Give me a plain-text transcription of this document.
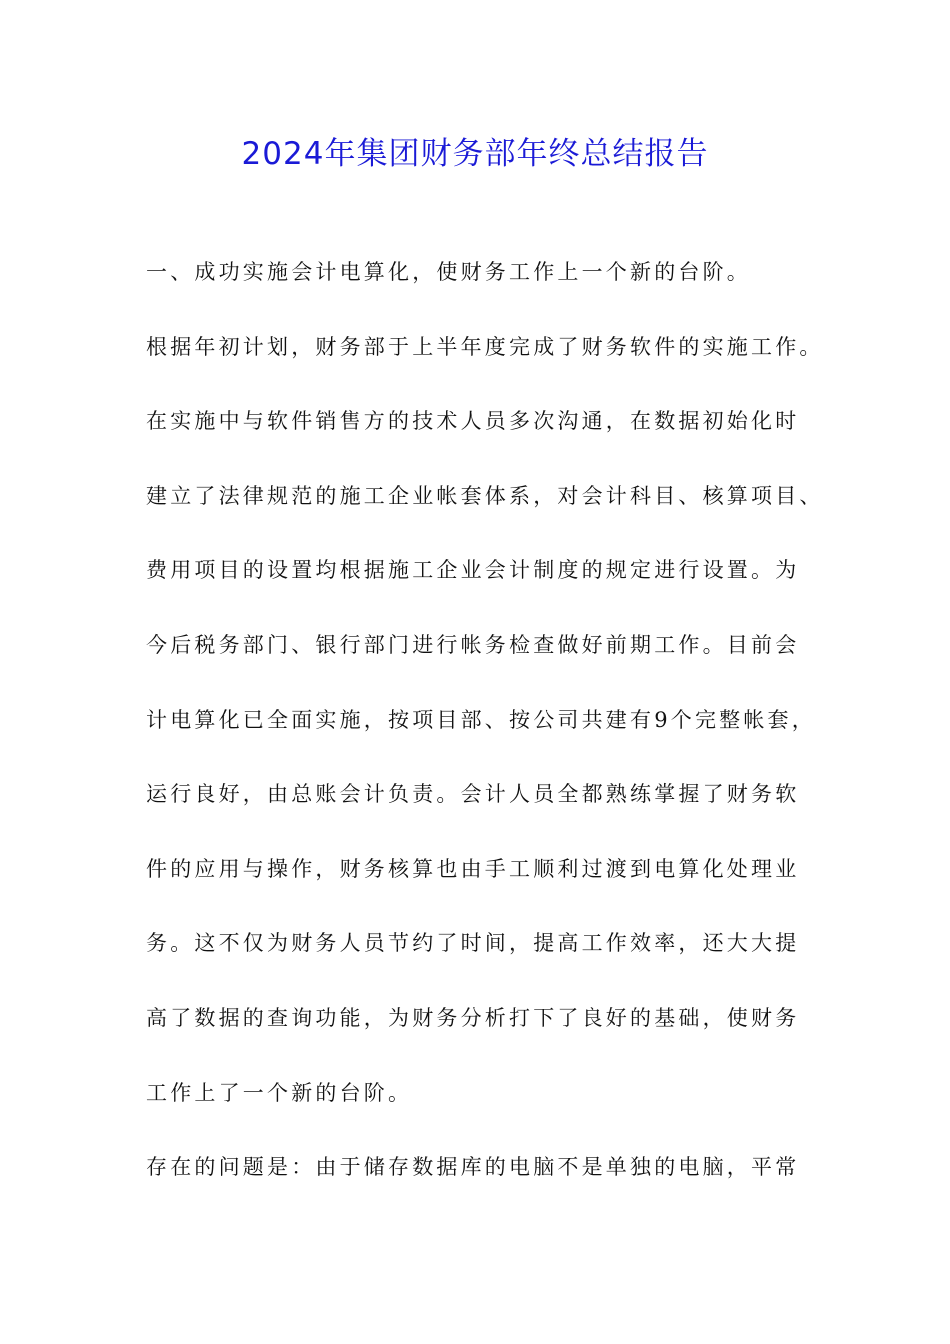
2024年集团财务部年终总结报告

一、成功实施会计电算化，使财务工作上一个新的台阶。

根据年初计划，财务部于上半年度完成了财务软件的实施工作。

在实施中与软件销售方的技术人员多次沟通，在数据初始化时

建立了法律规范的施工企业帐套体系，对会计科目、核算项目、

费用项目的设置均根据施工企业会计制度的规定进行设置。为

今后税务部门、银行部门进行帐务检查做好前期工作。目前会

计电算化已全面实施，按项目部、按公司共建有9个完整帐套，

运行良好，由总账会计负责。会计人员全都熟练掌握了财务软

件的应用与操作，财务核算也由手工顺利过渡到电算化处理业

务。这不仅为财务人员节约了时间，提高工作效率，还大大提

高了数据的查询功能，为财务分析打下了良好的基础，使财务

工作上了一个新的台阶。

存在的问题是：由于储存数据库的电脑不是单独的电脑，平常
